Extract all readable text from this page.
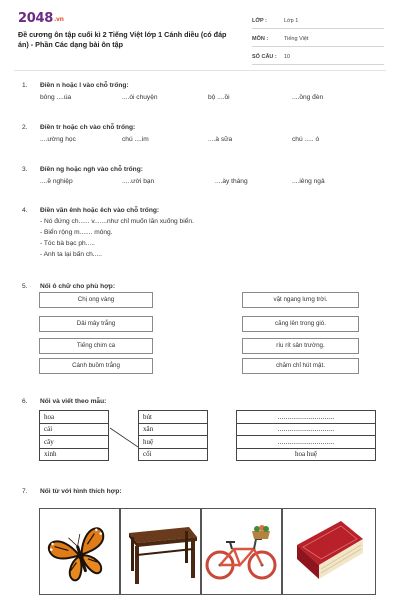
2048.vn
Đề cương ôn tập cuối kì 2 Tiếng Việt lớp 1 Cánh diều (có đáp án) - Phần Các dạng bài ôn tập
LỚP :	Lớp 1
MÔN :	Tiếng Việt
SỐ CÂU : 10
1. Điền n hoặc l vào chỗ trống:
bông ....úa	....ói chuyện	bộ ....ồi	....ồng đèn
2. Điền tr hoặc ch vào chỗ trống:
....ường học	chú ....im	....à sữa	chú ..... ó
3. Điền ng hoặc ngh vào chỗ trống:
....ề nghiệp	.....ười bạn	....ày tháng	....iêng ngả
4. Điền vần ênh hoặc êch vào chỗ trống:
- Nó đứng ch...... v.......như chỉ muốn lăn xuống biển.
- Biển rộng m....... mông.
- Tóc bà bạc ph.....
- Anh ta lại bấn ch.....
5. Nối ô chữ cho phù hợp:
Chị ong vàng
Dải mây trắng
Tiếng chim ca
Cánh buồm trắng
vặt ngang lưng trời.
căng lên trong gió.
ríu rít sân trường.
chăm chỉ hút mật.
6. Nối và viết theo mẫu:
hoa
cải
cây
xinh
bút
xăn
huệ
cối
.............................
.............................
.............................
hoa huệ
7. Nối từ với hình thích hợp:
